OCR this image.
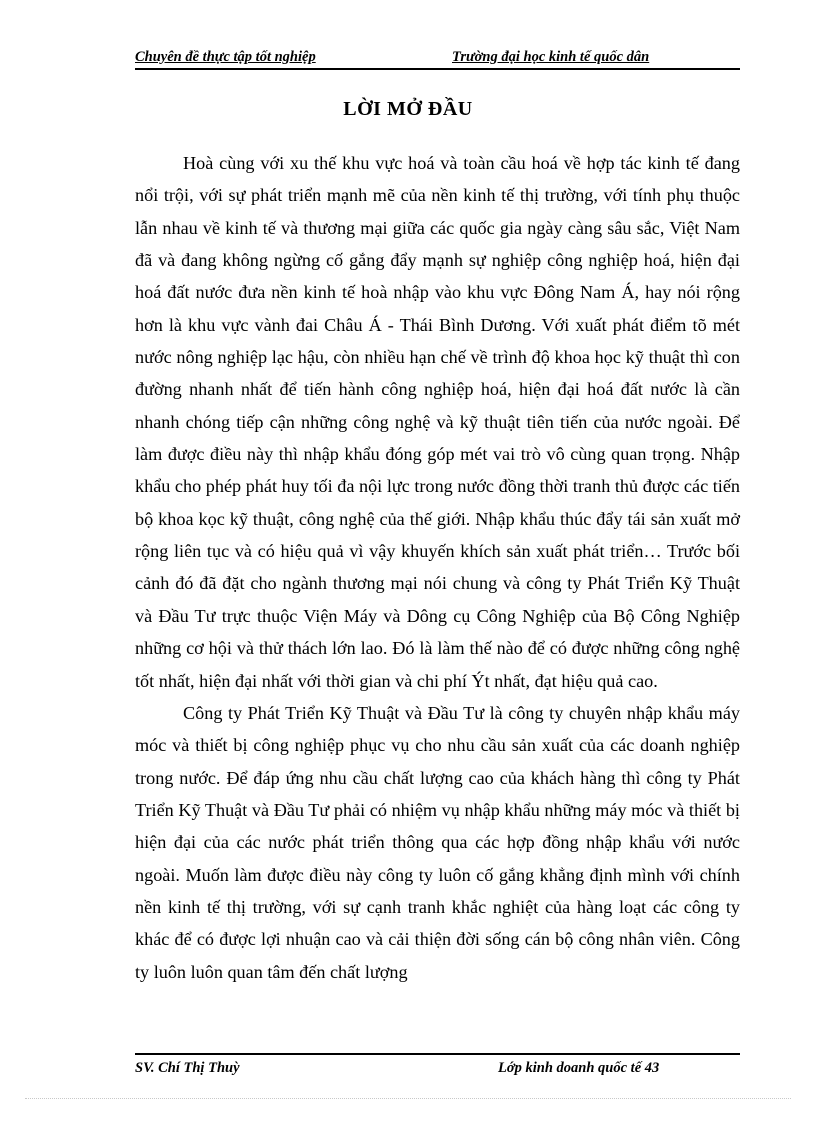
Chuyên đề thực tập tốt nghiệp	Trường đại học kinh tế quốc dân
LỜI MỞ ĐẦU

Hoà cùng với xu thế khu vực hoá và toàn cầu hoá về hợp tác kinh tế đang nổi trội, với sự phát triển mạnh mẽ của nền kinh tế thị trường, với tính phụ thuộc lẫn nhau về kinh tế và thương mại giữa các quốc gia ngày càng sâu sắc, Việt Nam đã và đang không ngừng cố gắng đẩy mạnh sự nghiệp công nghiệp hoá, hiện đại hoá đất nước đưa nền kinh tế hoà nhập vào khu vực Đông Nam Á, hay nói rộng hơn là khu vực vành đai Châu Á - Thái Bình Dương. Với xuất phát điểm tõ mét nước nông nghiệp lạc hậu, còn nhiều hạn chế về trình độ khoa học kỹ thuật thì con đường nhanh nhất để tiến hành công nghiệp hoá, hiện đại hoá đất nước là cần nhanh chóng tiếp cận những công nghệ và kỹ thuật tiên tiến của nước ngoài. Để làm được điều này thì nhập khẩu đóng góp mét vai trò vô cùng quan trọng. Nhập khẩu cho phép phát huy tối đa nội lực trong nước đồng thời tranh thủ được các tiến bộ khoa kọc kỹ thuật, công nghệ của thế giới. Nhập khẩu thúc đẩy tái sản xuất mở rộng liên tục và có hiệu quả vì vậy khuyến khích sản xuất phát triển… Trước bối cảnh đó đã đặt cho ngành thương mại nói chung và công ty Phát Triển Kỹ Thuật và Đầu Tư trực thuộc Viện Máy và Dông cụ Công Nghiệp của Bộ Công Nghiệp những cơ hội và thử thách lớn lao. Đó là làm thế nào để có được những công nghệ tốt nhất, hiện đại nhất với thời gian và chi phí Ýt nhất, đạt hiệu quả cao.

Công ty Phát Triển Kỹ Thuật và Đầu Tư là công ty chuyên nhập khẩu máy móc và thiết bị công nghiệp phục vụ cho nhu cầu sản xuất của các doanh nghiệp trong nước. Để đáp ứng nhu cầu chất lượng cao của khách hàng thì công ty Phát Triển Kỹ Thuật và Đầu Tư phải có nhiệm vụ nhập khẩu những máy móc và thiết bị hiện đại của các nước phát triển thông qua các hợp đồng nhập khẩu với nước ngoài. Muốn làm được điều này công ty luôn cố gắng khẳng định mình với chính nền kinh tế thị trường, với sự cạnh tranh khắc nghiệt của hàng loạt các công ty khác để có được lợi nhuận cao và cải thiện đời sống cán bộ công nhân viên. Công ty luôn luôn quan tâm đến chất lượng

SV. Chí Thị Thuỳ	Lớp kinh doanh quốc tế 43
